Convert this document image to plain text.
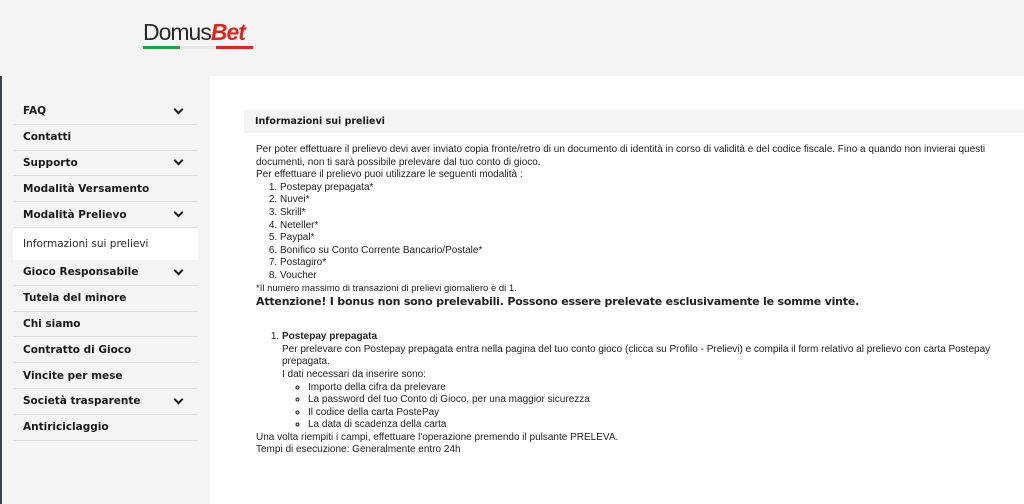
DomusBet
FAQ
Contatti
Supporto
Modalità Versamento
Modalità Prelievo
Informazioni sui prelievi
Gioco Responsabile
Tutela del minore
Chi siamo
Contratto di Gioco
Vincite per mese
Società trasparente
Antiriciclaggio
Informazioni sui prelievi

Per poter effettuare il prelievo devi aver inviato copia fronte/retro di un documento di identità in corso di validità e del codice fiscale. Fino a quando non invierai questi documenti, non ti sarà possibile prelevare dal tuo conto di gioco.

Per effettuare il prelievo puoi utilizzare le seguenti modalità :

1. Postepay prepagata*
2. Nuvei*
3. Skrill*
4. Neteller*
5. Paypal*
6. Bonifico su Conto Corrente Bancario/Postale*
7. Postagiro*
8. Voucher

*Il numero massimo di transazioni di prelievi giornaliero è di 1.

Attenzione! I bonus non sono prelevabili. Possono essere prelevate esclusivamente le somme vinte.

1. Postepay prepagata

Per prelevare con Postepay prepagata entra nella pagina del tuo conto gioco (clicca su Profilo - Prelievi) e compila il form relativo al prelievo con carta Postepay prepagata.

I dati necessari da inserire sono:

◦ Importo della cifra da prelevare
◦ La password del tuo Conto di Gioco, per una maggior sicurezza
◦ Il codice della carta PostePay
◦ La data di scadenza della carta

Una volta riempiti i campi, effettuare l'operazione premendo il pulsante PRELEVA.

Tempi di esecuzione: Generalmente entro 24h
